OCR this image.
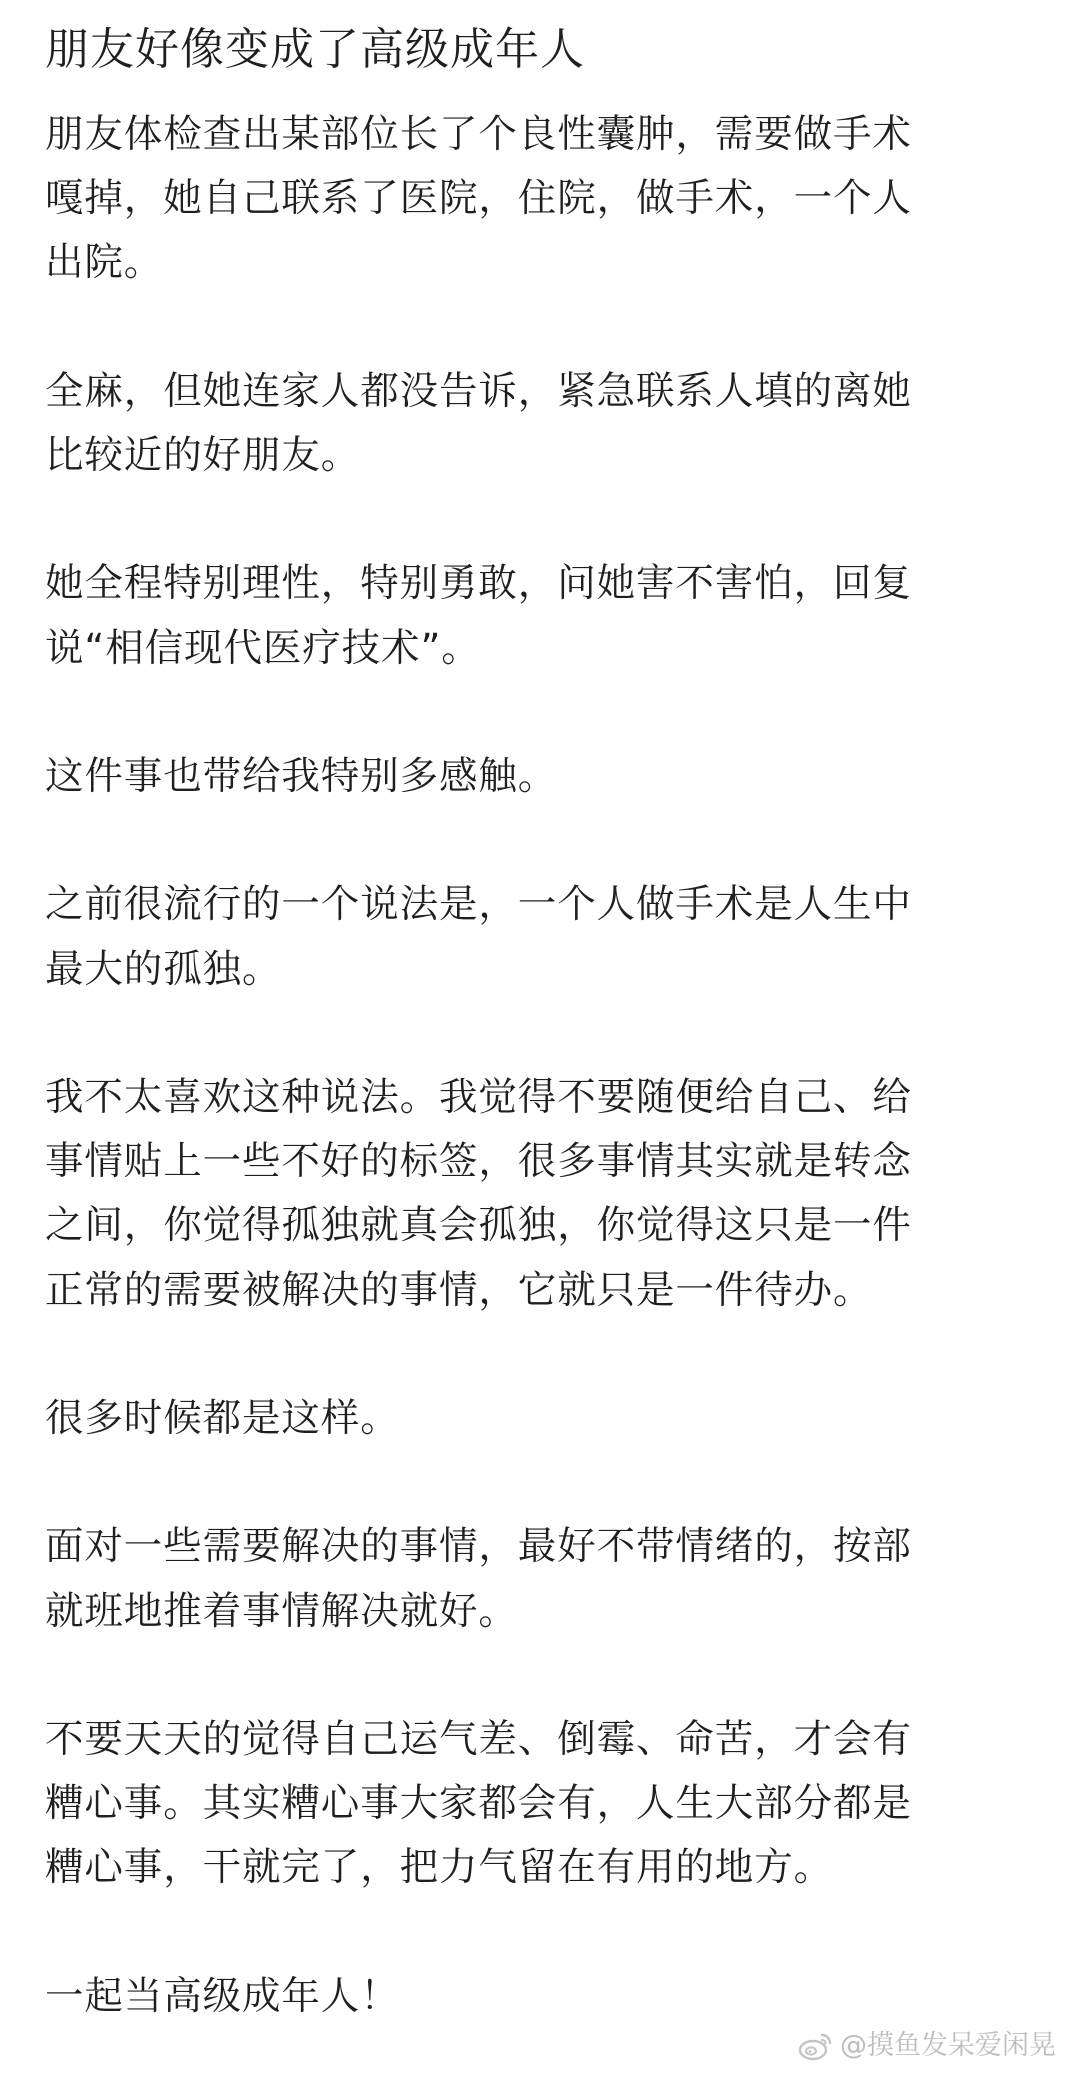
朋友好像变成了高级成年人
朋友体检查出某部位长了个良性囊肿，需要做手术
嘎掉，她自己联系了医院，住院，做手术，一个人
出院。
全麻，但她连家人都没告诉，紧急联系人填的离她
比较近的好朋友。
她全程特别理性，特别勇敢，问她害不害怕，回复
说“相信现代医疗技术”。
这件事也带给我特别多感触。
之前很流行的一个说法是，一个人做手术是人生中
最大的孤独。
我不太喜欢这种说法。我觉得不要随便给自己、给
事情贴上一些不好的标签，很多事情其实就是转念
之间，你觉得孤独就真会孤独，你觉得这只是一件
正常的需要被解决的事情，它就只是一件待办。
很多时候都是这样。
面对一些需要解决的事情，最好不带情绪的，按部
就班地推着事情解决就好。
不要天天的觉得自己运气差、倒霉、命苦，才会有
糟心事。其实糟心事大家都会有，人生大部分都是
糟心事，干就完了，把力气留在有用的地方。
一起当高级成年人！
@摸鱼发呆爱闲晃
